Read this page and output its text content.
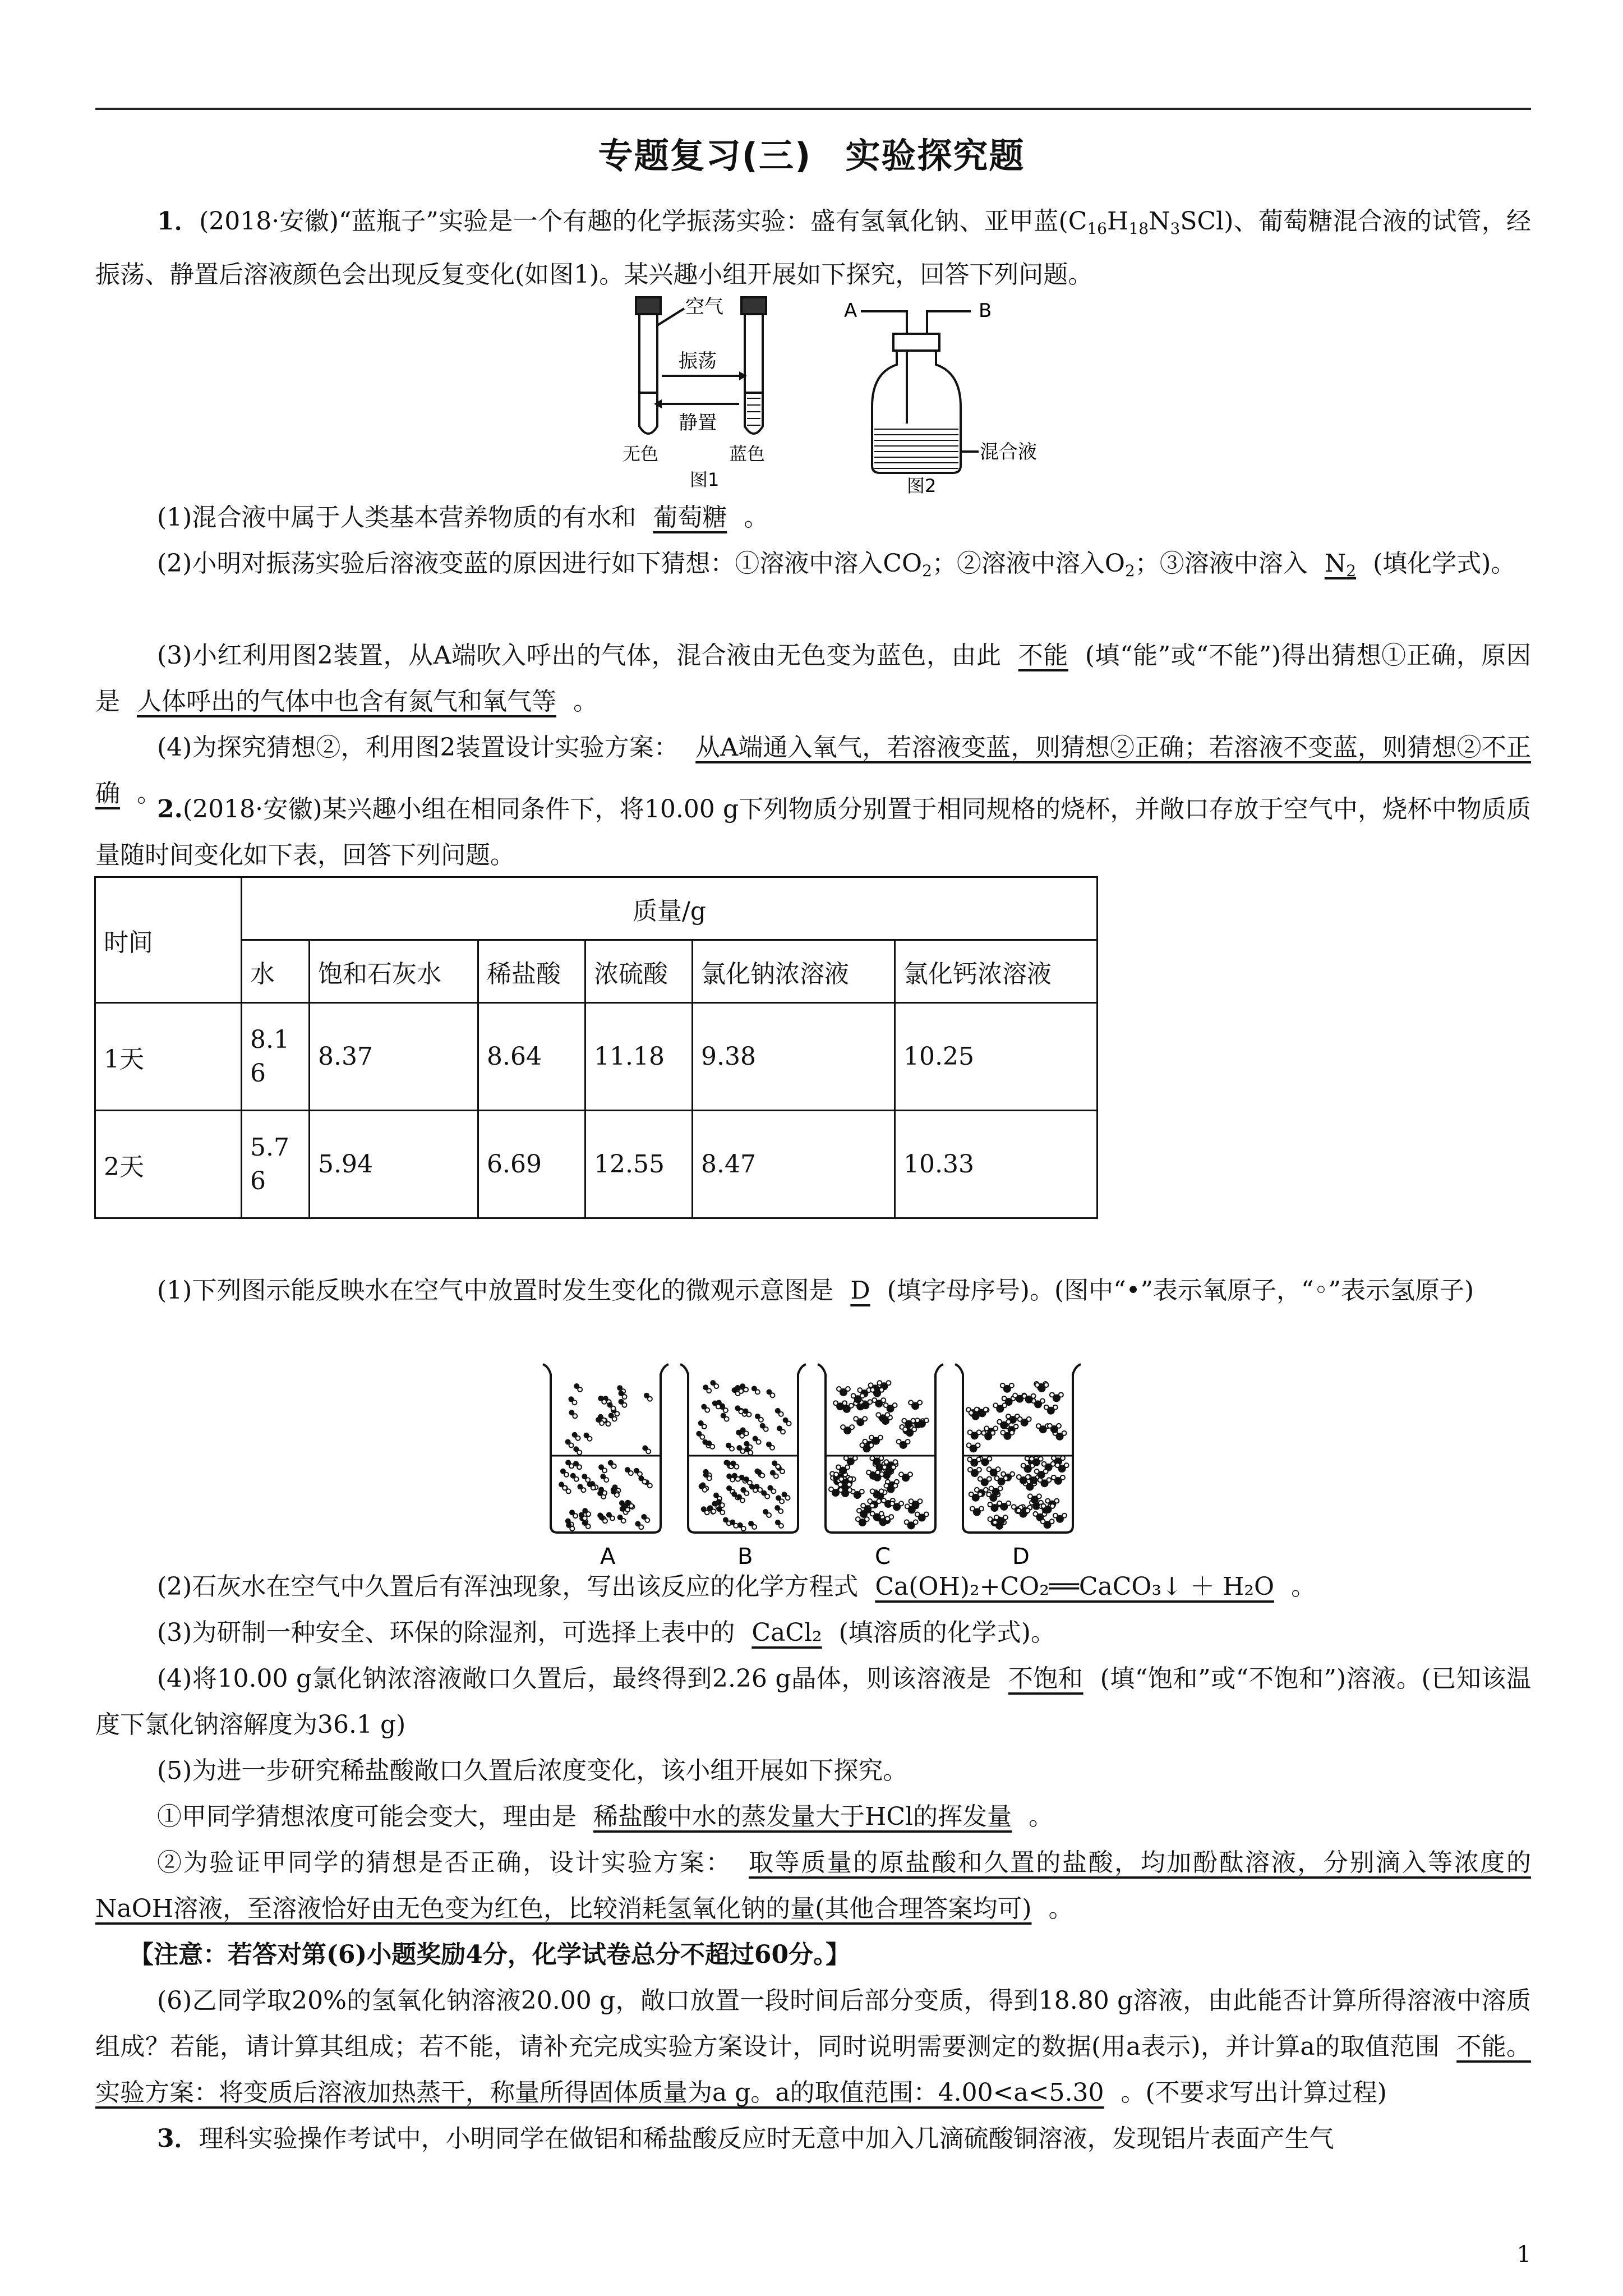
专题复习(三) 实验探究题
1．(2018·安徽)“蓝瓶子”实验是一个有趣的化学振荡实验：盛有氢氧化钠、亚甲蓝$(C_{16}H_{18}N_3SCl)$、葡萄糖混合液的试管，经振荡、静置后溶液颜色会出现反复变化(如图1)。某兴趣小组开展如下探究，回答下列问题。
空气
振荡
静置
无色	蓝色
图1
A	B
混合液
图2
(1)混合液中属于人类基本营养物质的有水和 葡萄糖 。
(2)小明对振荡实验后溶液变蓝的原因进行如下猜想：①溶液中溶入$CO_2$；②溶液中溶入$O_2$；③溶液中溶入 $N_2$ (填化学式)。
(3)小红利用图2装置，从A端吹入呼出的气体，混合液由无色变为蓝色，由此 不能 (填“能”或“不能”)得出猜想①正确，原因是 人体呼出的气体中也含有氮气和氧气等 。
(4)为探究猜想②，利用图2装置设计实验方案： 从A端通入氧气，若溶液变蓝，则猜想②正确；若溶液不变蓝，则猜想②不正确 。
2.(2018·安徽)某兴趣小组在相同条件下，将10.00 g下列物质分别置于相同规格的烧杯，并敞口存放于空气中，烧杯中物质质量随时间变化如下表，回答下列问题。
时间	质量/g					
	水	饱和石灰水	稀盐酸	浓硫酸	氯化钠浓溶液	氯化钙浓溶液
1天	8.16	8.37	8.64	11.18	9.38	10.25
2天	5.76	5.94	6.69	12.55	8.47	10.33
(1)下列图示能反映水在空气中放置时发生变化的微观示意图是 D (填字母序号)。(图中“•”表示氧原子，“◦”表示氢原子)
A	B	C	D
(2)石灰水在空气中久置后有浑浊现象，写出该反应的化学方程式 Ca(OH)₂+CO₂══CaCO₃↓ ＋ H₂O 。
(3)为研制一种安全、环保的除湿剂，可选择上表中的 CaCl₂ (填溶质的化学式)。
(4)将10.00 g氯化钠浓溶液敞口久置后，最终得到2.26 g晶体，则该溶液是 不饱和 (填“饱和”或“不饱和”)溶液。(已知该温度下氯化钠溶解度为36.1 g)
(5)为进一步研究稀盐酸敞口久置后浓度变化，该小组开展如下探究。
①甲同学猜想浓度可能会变大，理由是 稀盐酸中水的蒸发量大于HCl的挥发量 。
②为验证甲同学的猜想是否正确，设计实验方案： 取等质量的原盐酸和久置的盐酸，均加酚酞溶液，分别滴入等浓度的NaOH溶液，至溶液恰好由无色变为红色，比较消耗氢氧化钠的量(其他合理答案均可) 。
【注意：若答对第(6)小题奖励4分，化学试卷总分不超过60分。】
(6)乙同学取20%的氢氧化钠溶液20.00 g，敞口放置一段时间后部分变质，得到18.80 g溶液，由此能否计算所得溶液中溶质组成？若能，请计算其组成；若不能，请补充完成实验方案设计，同时说明需要测定的数据(用a表示)，并计算a的取值范围 不能。实验方案：将变质后溶液加热蒸干，称量所得固体质量为a g。a的取值范围：4.00<a<5.30 。(不要求写出计算过程)
3．理科实验操作考试中，小明同学在做铝和稀盐酸反应时无意中加入几滴硫酸铜溶液，发现铝片表面产生气
1
